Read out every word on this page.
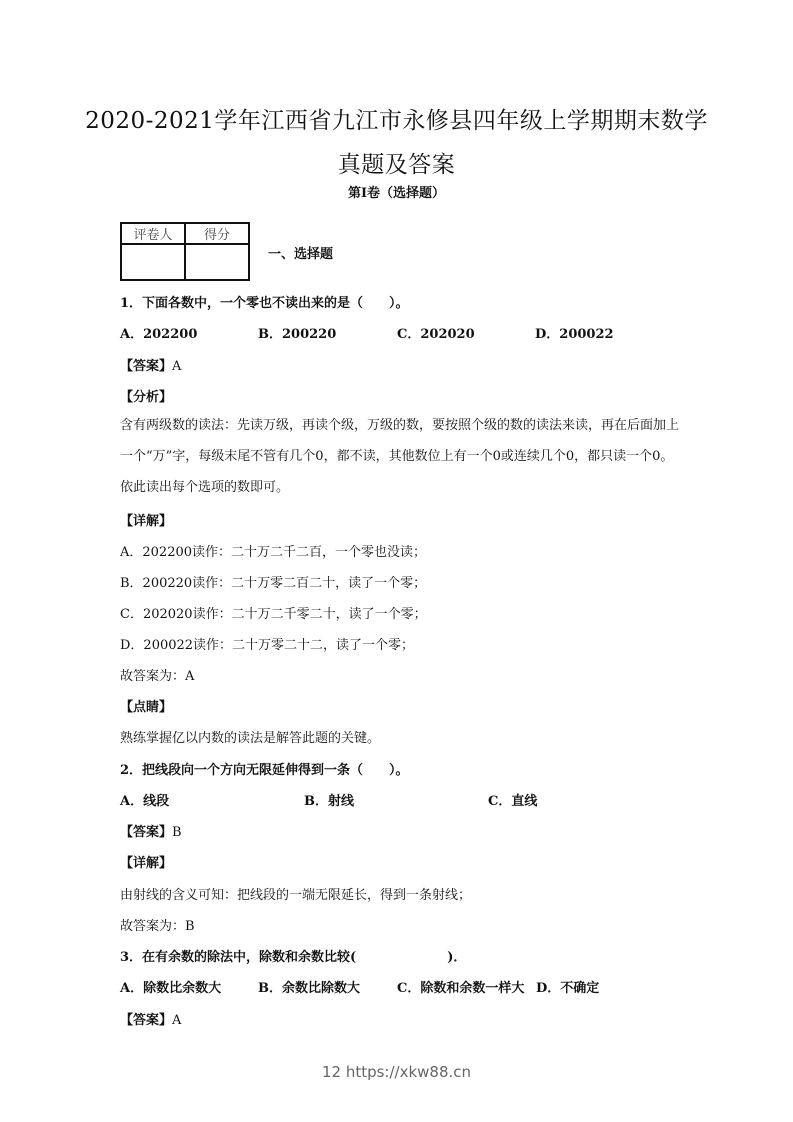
2020-2021学年江西省九江市永修县四年级上学期期末数学
真题及答案
第Ⅰ卷（选择题）
评卷人	得分

一、选择题
1．下面各数中，一个零也不读出来的是（　　）。
A．202200	B．200220	C．202020	D．200022
【答案】A
【分析】
含有两级数的读法：先读万级，再读个级，万级的数，要按照个级的数的读法来读，再在后面加上一个“万”字，每级末尾不管有几个0，都不读，其他数位上有一个0或连续几个0，都只读一个0。依此读出每个选项的数即可。
【详解】
A．202200读作：二十万二千二百，一个零也没读；
B．200220读作：二十万零二百二十，读了一个零；
C．202020读作：二十万二千零二十，读了一个零；
D．200022读作：二十万零二十二，读了一个零；
故答案为：A
【点睛】
熟练掌握亿以内数的读法是解答此题的关键。
2．把线段向一个方向无限延伸得到一条（　　）。
A．线段	B．射线	C．直线
【答案】B
【详解】
由射线的含义可知：把线段的一端无限延长，得到一条射线；
故答案为：B
3．在有余数的除法中，除数和余数比较(　　　　　　　)．
A．除数比余数大	B．余数比除数大	C．除数和余数一样大 D．不确定
【答案】A
12 https://xkw88.cn
